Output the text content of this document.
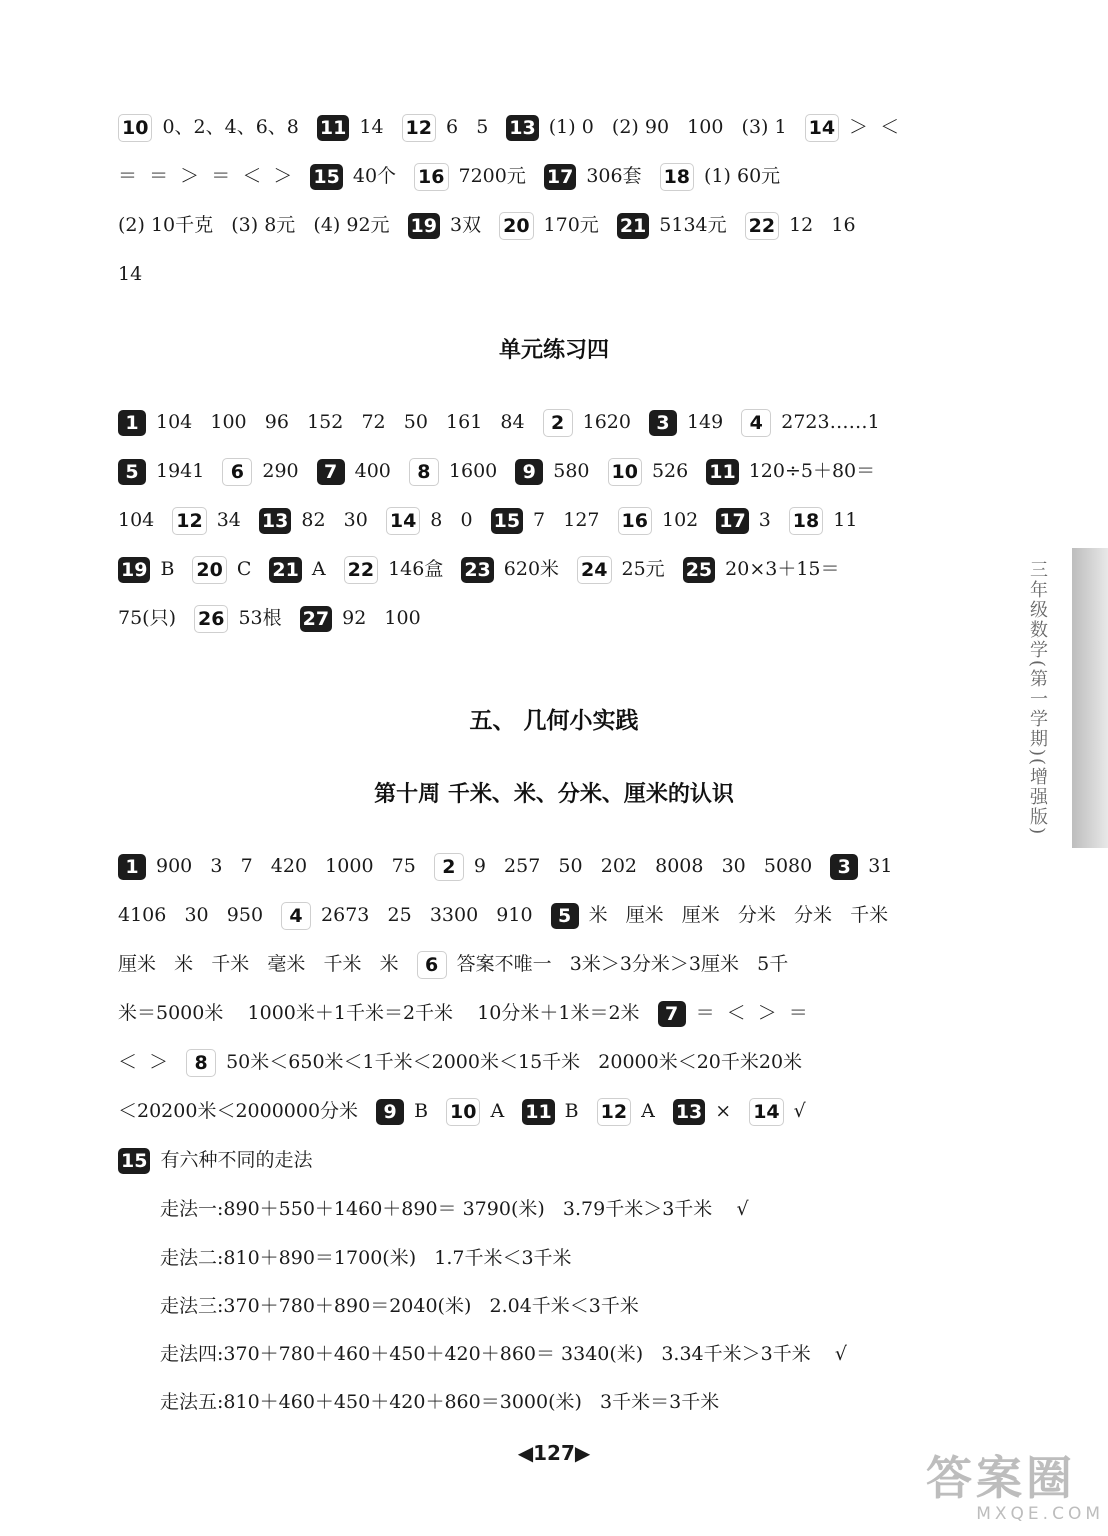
10 0、2、4、6、8 11 14 12 6   5 13 (1) 0   (2) 90   100   (3) 1 14 ＞  ＜
＝  ＝  ＞  ＝  ＜  ＞ 15 40个 16 7200元 17 306套 18 (1) 60元
(2) 10千克   (3) 8元   (4) 92元 19 3双 20 170元 21 5134元 22 12   16
14
单元练习四
1 104   100   96   152   72   50   161   84 2 1620 3 149 4 2723……1
5 1941 6 290 7 400 8 1600 9 580 10 526 11 120÷5＋80＝
104 12 34 13 82   30 14 8   0 15 7   127 16 102 17 3 18 11
19 B 20 C 21 A 22 146盒 23 620米 24 25元 25 20×3＋15＝
75(只) 26 53根 27 92   100
五、 几何小实践
第十周 千米、米、分米、厘米的认识
1 900   3   7   420   1000   75 2 9   257   50   202   8008   30   5080 3 31
4106   30   950 4 2673   25   3300   910 5 米   厘米   厘米   分米   分米   千米
厘米   米   千米   毫米   千米   米 6 答案不唯一   3米＞3分米＞3厘米   5千
米＝5000米    1000米＋1千米＝2千米    10分米＋1米＝2米 7 ＝  ＜  ＞  ＝
＜  ＞ 8 50米＜650米＜1千米＜2000米＜15千米   20000米＜20千米20米
＜20200米＜2000000分米 9 B 10 A 11 B 12 A 13 × 14 √
15 有六种不同的走法
走法一:890＋550＋1460＋890＝ 3790(米)   3.79千米＞3千米    √
走法二:810＋890＝1700(米)   1.7千米＜3千米
走法三:370＋780＋890＝2040(米)   2.04千米＜3千米
走法四:370＋780＋460＋450＋420＋860＝ 3340(米)   3.34千米＞3千米    √
走法五:810＋460＋450＋420＋860＝3000(米)   3千米＝3千米
◀127▶
三年级数学(第一学期)(增强版)
答案圈
MXQE.COM
